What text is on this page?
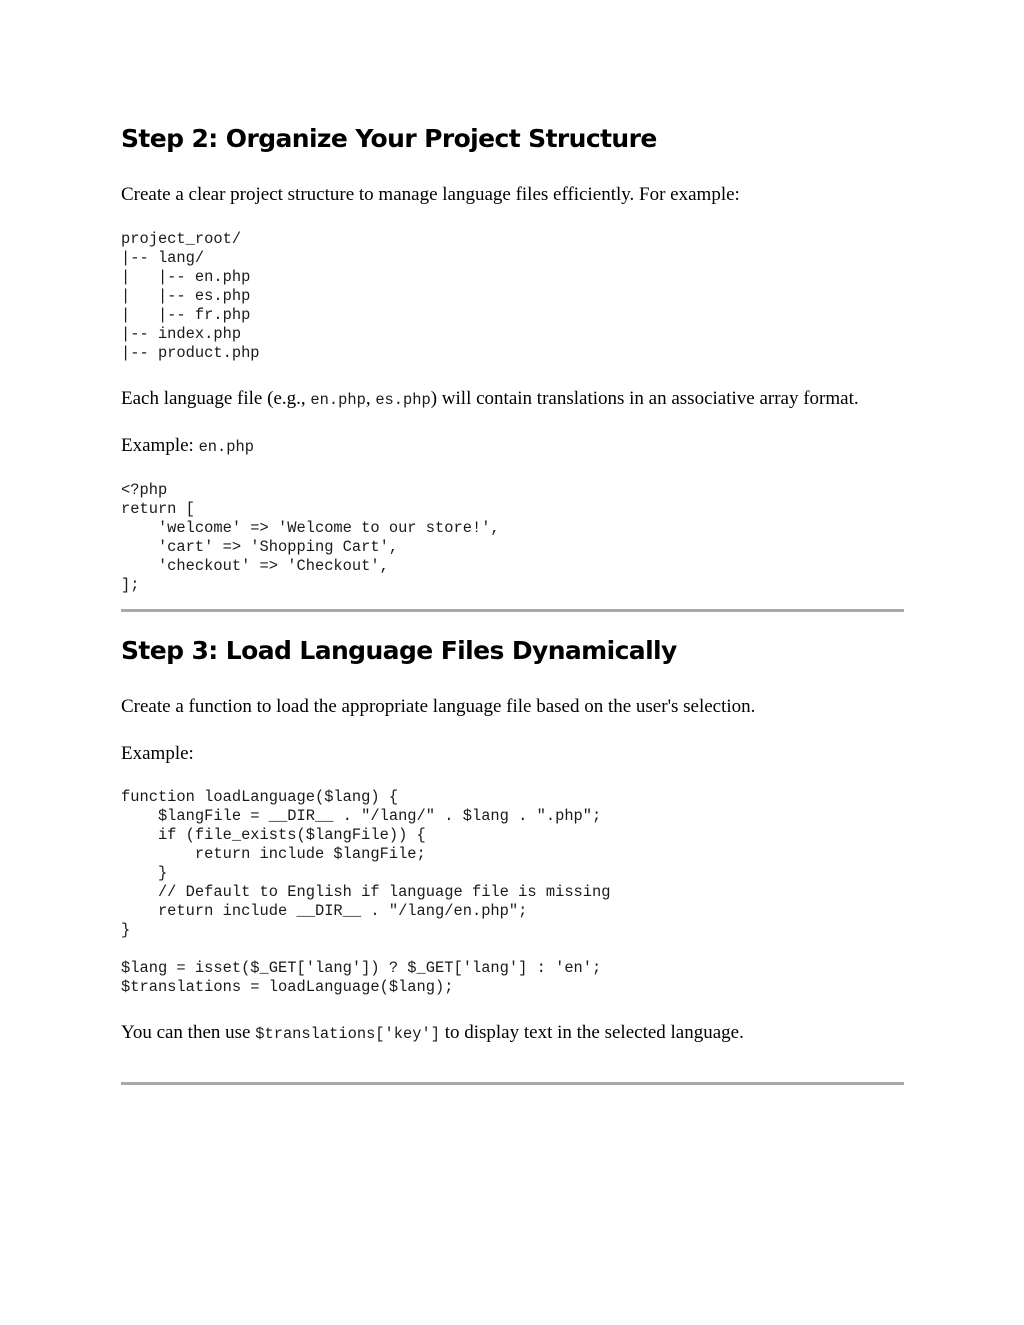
Step 2: Organize Your Project Structure

Create a clear project structure to manage language files efficiently. For example:

project_root/
|-- lang/
|   |-- en.php
|   |-- es.php
|   |-- fr.php
|-- index.php
|-- product.php

Each language file (e.g., en.php, es.php) will contain translations in an associative array format.

Example: en.php

<?php
return [
'welcome' => 'Welcome to our store!',
'cart' => 'Shopping Cart',
'checkout' => 'Checkout',
];
Step 3: Load Language Files Dynamically

Create a function to load the appropriate language file based on the user's selection.

Example:

function loadLanguage($lang) {
$langFile = __DIR__ . "/lang/" . $lang . ".php";
if (file_exists($langFile)) {
return include $langFile;
}
// Default to English if language file is missing
return include __DIR__ . "/lang/en.php";
}

$lang = isset($_GET['lang']) ? $_GET['lang'] : 'en';
$translations = loadLanguage($lang);

You can then use $translations['key'] to display text in the selected language.
